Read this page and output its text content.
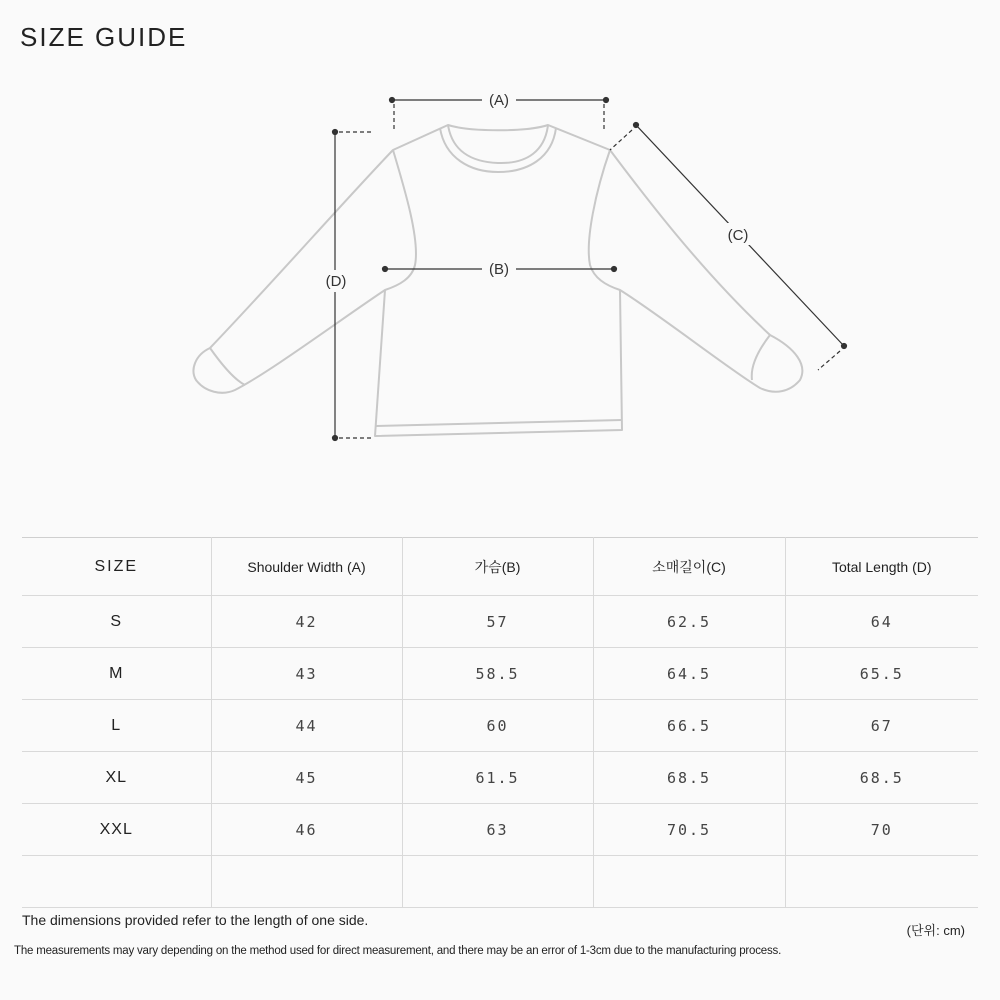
SIZE GUIDE
(A)
(B)
(C)
(D)
SIZE	Shoulder Width (A)	가슴(B)	소매길이(C)	Total Length (D)
S	42	57	62.5	64
M	43	58.5	64.5	65.5
L	44	60	66.5	67
XL	45	61.5	68.5	68.5
XXL	46	63	70.5	70

The dimensions provided refer to the length of one side.
(단위: cm)
The measurements may vary depending on the method used for direct measurement, and there may be an error of 1-3cm due to the manufacturing process.
